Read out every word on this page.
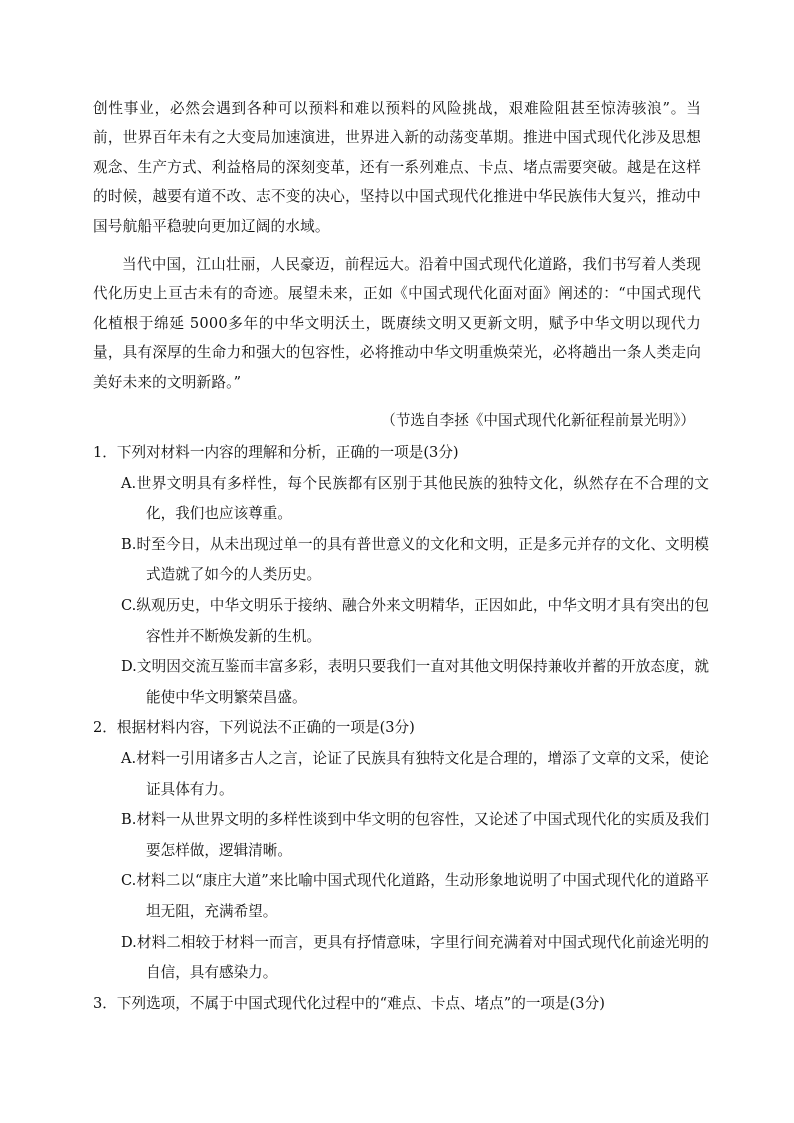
创性事业，必然会遇到各种可以预料和难以预料的风险挑战，艰难险阻甚至惊涛骇浪”。当前，世界百年未有之大变局加速演进，世界进入新的动荡变革期。推进中国式现代化涉及思想观念、生产方式、利益格局的深刻变革，还有一系列难点、卡点、堵点需要突破。越是在这样的时候，越要有道不改、志不变的决心，坚持以中国式现代化推进中华民族伟大复兴，推动中国号航船平稳驶向更加辽阔的水域。

当代中国，江山壮丽，人民豪迈，前程远大。沿着中国式现代化道路，我们书写着人类现代化历史上亘古未有的奇迹。展望未来，正如《中国式现代化面对面》阐述的：“中国式现代化植根于绵延 5000多年的中华文明沃土，既赓续文明又更新文明，赋予中华文明以现代力量，具有深厚的生命力和强大的包容性，必将推动中华文明重焕荣光，必将趟出一条人类走向美好未来的文明新路。”

（节选自李拯《中国式现代化新征程前景光明》）

1．下列对材料一内容的理解和分析，正确的一项是(3分)

A.世界文明具有多样性，每个民族都有区别于其他民族的独特文化，纵然存在不合理的文化，我们也应该尊重。
B.时至今日，从未出现过单一的具有普世意义的文化和文明，正是多元并存的文化、文明模式造就了如今的人类历史。
C.纵观历史，中华文明乐于接纳、融合外来文明精华，正因如此，中华文明才具有突出的包容性并不断焕发新的生机。
D.文明因交流互鉴而丰富多彩，表明只要我们一直对其他文明保持兼收并蓄的开放态度，就能使中华文明繁荣昌盛。

2．根据材料内容，下列说法不正确的一项是(3分)

A.材料一引用诸多古人之言，论证了民族具有独特文化是合理的，增添了文章的文采，使论证具体有力。
B.材料一从世界文明的多样性谈到中华文明的包容性，又论述了中国式现代化的实质及我们要怎样做，逻辑清晰。
C.材料二以“康庄大道”来比喻中国式现代化道路，生动形象地说明了中国式现代化的道路平坦无阻，充满希望。
D.材料二相较于材料一而言，更具有抒情意味，字里行间充满着对中国式现代化前途光明的自信，具有感染力。

3．下列选项，不属于中国式现代化过程中的“难点、卡点、堵点”的一项是(3分)
